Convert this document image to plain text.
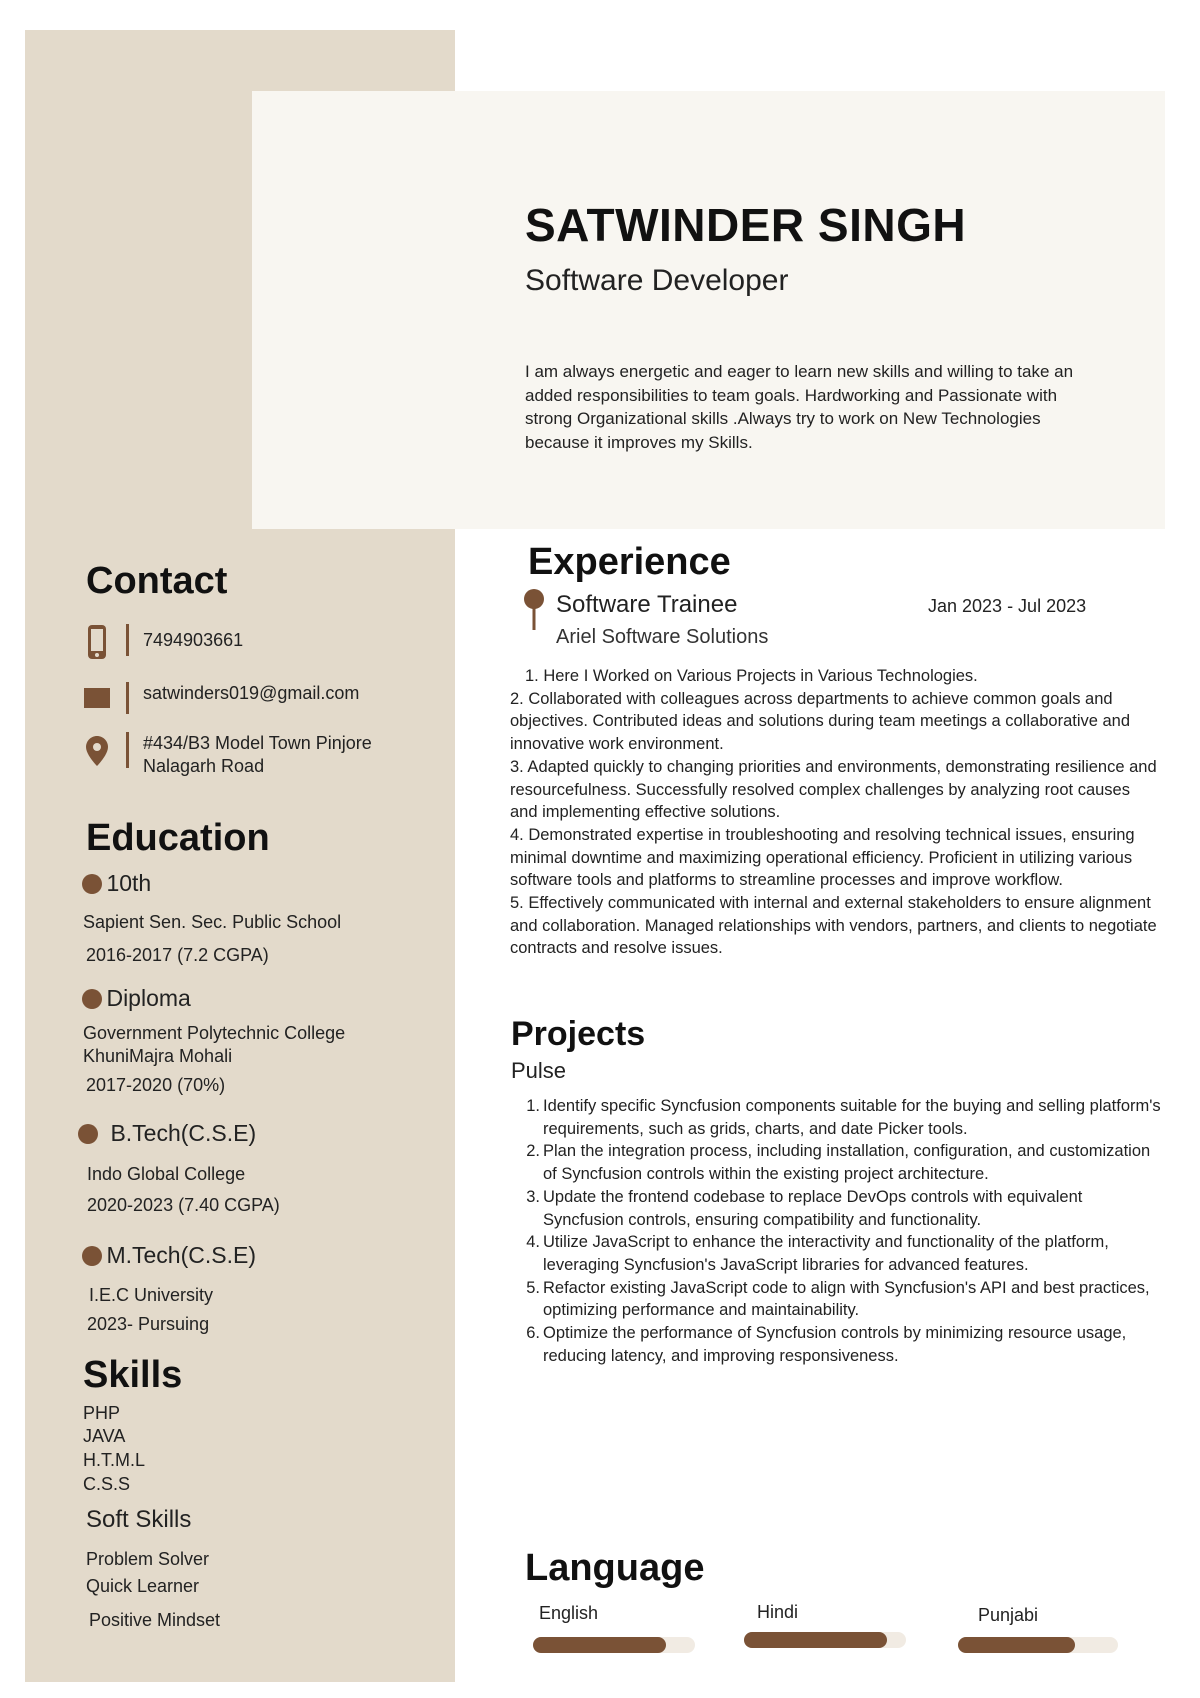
SATWINDER SINGH
Software Developer

I am always energetic and eager to learn new skills and willing to take an added responsibilities to team goals. Hardworking and Passionate with strong Organizational skills .Always try to work on New Technologies because it improves my Skills.

Contact
7494903661
satwinders019@gmail.com
#434/B3 Model Town Pinjore
Nalagarh Road
Education
10th
Sapient Sen. Sec. Public School
2016-2017 (7.2 CGPA)
Diploma
Government Polytechnic College
KhuniMajra Mohali
2017-2020 (70%)
B.Tech(C.S.E)
Indo Global College
2020-2023 (7.40 CGPA)
M.Tech(C.S.E)
I.E.C University
2023- Pursuing
Skills
PHP
JAVA
H.T.M.L
C.S.S
Soft Skills
Problem Solver
Quick Learner
Positive Mindset
Experience
Software Trainee	Jan 2023 - Jul 2023
Ariel Software Solutions
1. Here I Worked on Various Projects in Various Technologies.
2. Collaborated with colleagues across departments to achieve common goals and objectives. Contributed ideas and solutions during team meetings a collaborative and innovative work environment.
3. Adapted quickly to changing priorities and environments, demonstrating resilience and resourcefulness. Successfully resolved complex challenges by analyzing root causes and implementing effective solutions.
4. Demonstrated expertise in troubleshooting and resolving technical issues, ensuring minimal downtime and maximizing operational efficiency. Proficient in utilizing various software tools and platforms to streamline processes and improve workflow.
5. Effectively communicated with internal and external stakeholders to ensure alignment and collaboration. Managed relationships with vendors, partners, and clients to negotiate contracts and resolve issues.
Projects
Pulse
1. Identify specific Syncfusion components suitable for the buying and selling platform's requirements, such as grids, charts, and date Picker tools.
2. Plan the integration process, including installation, configuration, and customization of Syncfusion controls within the existing project architecture.
3. Update the frontend codebase to replace DevOps controls with equivalent Syncfusion controls, ensuring compatibility and functionality.
4. Utilize JavaScript to enhance the interactivity and functionality of the platform, leveraging Syncfusion's JavaScript libraries for advanced features.
5. Refactor existing JavaScript code to align with Syncfusion's API and best practices, optimizing performance and maintainability.
6. Optimize the performance of Syncfusion controls by minimizing resource usage, reducing latency, and improving responsiveness.
Language
English	Hindi	Punjabi
